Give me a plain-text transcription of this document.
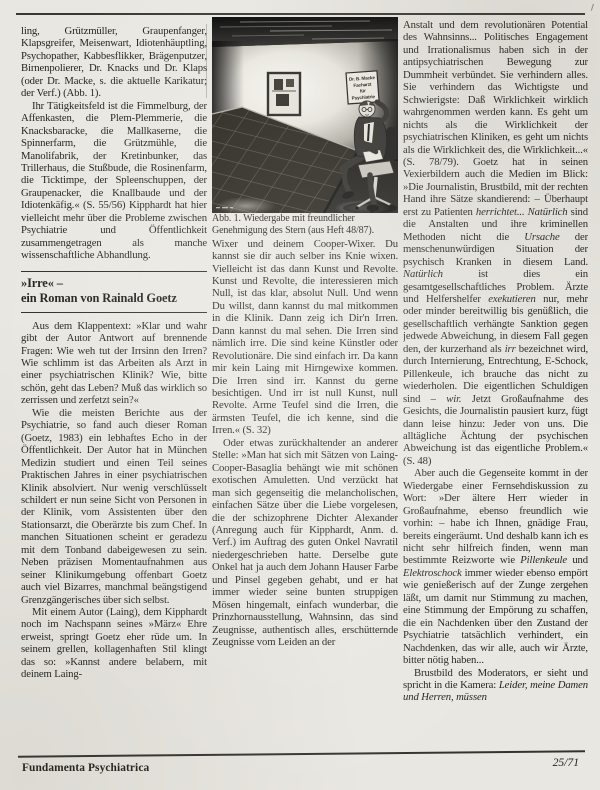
ling, Grützmüller, Graupenfanger, Klapsgreifer, Meisenwart, Idiotenhäuptling, Psychopather, Kabbesflikker, Brägenputzer, Birnenpolierer, Dr. Knacks und Dr. Klaps (oder Dr. Macke, s. die aktuelle Karikatur; der Verf.) (Abb. 1).

Ihr Tätigkeitsfeld ist die Fimmelburg, der Affenkasten, die Plem-Plemmerie, die Knacksbaracke, die Mallkaserne, die Spinnerfarm, die Grützmühle, die Manolifabrik, der Kretinbunker, das Trillerhaus, die Stußbude, die Rosinenfarm, die Ticktimpe, der Spleenschuppen, der Graupenacker, die Knallbaude und der Idiotenkäfig.« (S. 55/56) Kipphardt hat hier vielleicht mehr über die Probleme zwischen Psychiatrie und Öffentlichkeit zusammengetragen als manche wissenschaftliche Abhandlung.

»Irre« –
ein Roman von Rainald Goetz

Aus dem Klappentext: »Klar und wahr gibt der Autor Antwort auf brennende Fragen: Wie weh tut der Irrsinn den Irren? Wie schlimm ist das Arbeiten als Arzt in einer psychiatrischen Klinik? Wie, bitte schön, geht das Leben? Muß das wirklich so zerrissen und zerfetzt sein?«

Wie die meisten Berichte aus der Psychiatrie, so fand auch dieser Roman (Goetz, 1983) ein lebhaftes Echo in der Öffentlichkeit. Der Autor hat in München Medizin studiert und einen Teil seines Praktischen Jahres in einer psychiatrischen Klinik absolviert. Nur wenig verschlüsselt schildert er nun seine Sicht von Personen in der Klinik, vom Assistenten über den Stationsarzt, die Oberärzte bis zum Chef. In manchen Situationen scheint er geradezu mit dem Tonband dabeigewesen zu sein. Neben präzisen Momentaufnahmen aus seiner Klinikumgebung offenbart Goetz auch viel Bizarres, manchmal beängstigend Grenzgängerisches über sich selbst.

Mit einem Autor (Laing), dem Kipphardt noch im Nachspann seines »März« Ehre erweist, springt Goetz eher rüde um. In seinem grellen, kollagenhaften Stil klingt das so: »Kannst andere belabern, mit deinem Laing-

Dr. B. Macke
Facharzt
für
Psychiatrie

Abb. 1. Wiedergabe mit freundlicher Genehmigung des Stern (aus Heft 48/87).

Wixer und deinem Cooper-Wixer. Du kannst sie dir auch selber ins Knie wixen. Vielleicht ist das dann Kunst und Revolte. Kunst und Revolte, die interessieren mich Null, ist das klar, absolut Null. Und wenn Du willst, dann kannst du mal mitkommen in die Klinik. Dann zeig ich Dir'n Irren. Dann kannst du mal sehen. Die Irren sind nämlich irre. Die sind keine Künstler oder Revolutionäre. Die sind einfach irr. Da kann mir kein Laing mit Hirngewixe kommen. Die Irren sind irr. Kannst du gerne besichtigen. Und irr ist null Kunst, null Revolte. Arme Teufel sind die Irren, die ärmsten Teufel, die ich kenne, sind die Irren.« (S. 32)

Oder etwas zurückhaltender an anderer Stelle: »Man hat sich mit Sätzen von Laing-Cooper-Basaglia behängt wie mit schönen exotischen Amuletten. Und verzückt hat man sich gegenseitig die melancholischen, einfachen Sätze über die Liebe vorgelesen, die der schizophrene Dichter Alexander (Anregung auch für Kipphardt, Anm. d. Verf.) im Auftrag des guten Onkel Navratil niedergeschrieben hatte. Derselbe gute Onkel hat ja auch dem Johann Hauser Farbe und Pinsel gegeben gehabt, und er hat immer wieder seine bunten struppigen Mösen hingemalt, einfach wunderbar, die Prinzhornausstellung, Wahnsinn, das sind Zeugnisse, authentisch alles, erschütternde Zeugnisse vom Leiden an der

Anstalt und dem revolutionären Potential des Wahnsinns... Politisches Engagement und Irrationalismus haben sich in der antipsychiatrischen Bewegung zur Dummheit verbündet. Sie verhindern alles. Sie verhindern das Wichtigste und Schwierigste: Daß Wirklichkeit wirklich wahrgenommen werden kann. Es geht um nichts als die Wirklichkeit der psychiatrischen Kliniken, es geht um nichts als die Wirklichkeit des, die Wirklichkeit...« (S. 78/79). Goetz hat in seinen Vexierbildern auch die Medien im Blick: »Die Journalistin, Brustbild, mit der rechten Hand ihre Sätze skandierend: – Überhaupt erst zu Patienten herrichtet... Natürlich sind die Anstalten und ihre kriminellen Methoden nicht die Ursache der menschenunwürdigen Situation der psychisch Kranken in diesem Land. Natürlich ist dies ein gesamtgesellschaftliches Problem. Ärzte und Helfershelfer exekutieren nur, mehr oder minder bereitwillig bis genüßlich, die gesellschaftlich verhängte Sanktion gegen jedwede Abweichung, in diesem Fall gegen den, der kurzerhand als irr bezeichnet wird, durch Internierung, Entrechtung, E-Schock, Pillenkeule, ich brauche das nicht zu wiederholen. Die eigentlichen Schuldigen sind – wir. Jetzt Großaufnahme des Gesichts, die Journalistin pausiert kurz, fügt dann leise hinzu: Jeder von uns. Die alltägliche Ächtung der psychischen Abweichung ist das eigentliche Problem.« (S. 48)

Aber auch die Gegenseite kommt in der Wiedergabe einer Fernsehdiskussion zu Wort: »Der ältere Herr wieder in Großaufnahme, ebenso freundlich wie vorhin: – habe ich Ihnen, gnädige Frau, bereits eingeräumt. Und deshalb kann ich es nicht sehr hilfreich finden, wenn man bestimmte Reizworte wie Pillenkeule und Elektroschock immer wieder ebenso empört wie genießerisch auf der Zunge zergehen läßt, um damit nur Stimmung zu machen, eine Stimmung der Empörung zu schaffen, die ein Nachdenken über den Zustand der Psychiatrie tatsächlich verhindert, ein Nachdenken, das wir alle, auch wir Ärzte, bitter nötig haben...

Brustbild des Moderators, er sieht und spricht in die Kamera: Leider, meine Damen und Herren, müssen

Fundamenta Psychiatrica	25/71
